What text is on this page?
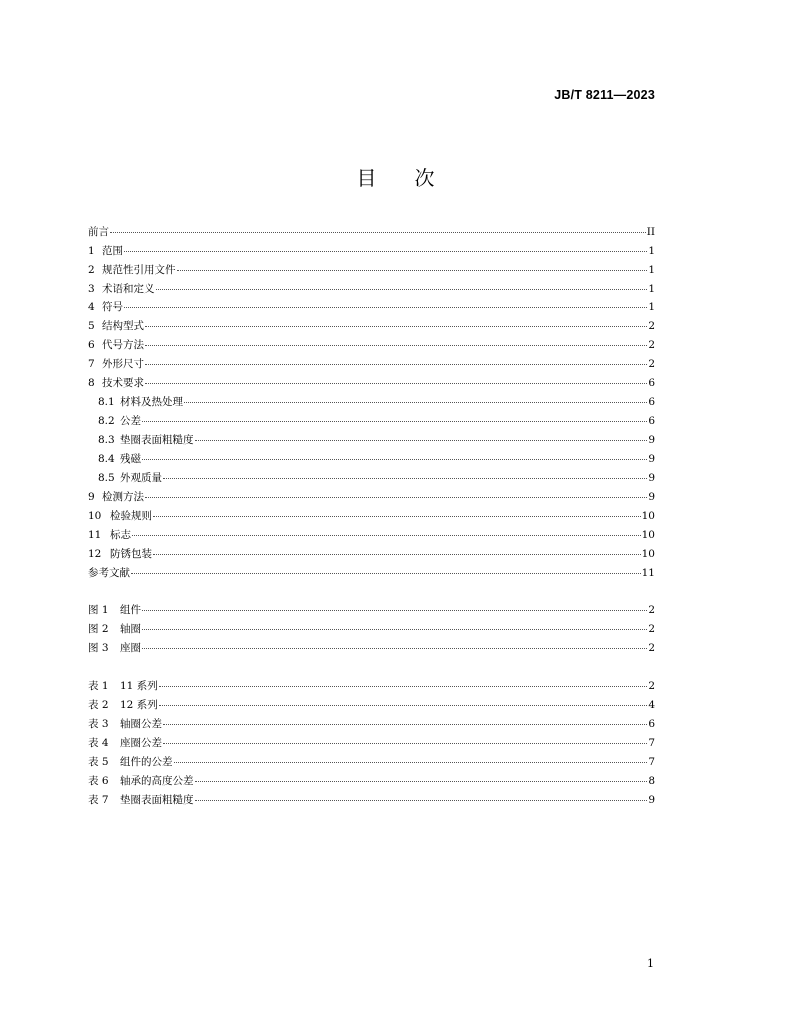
JB/T 8211—2023
目 次
前言	II
1 范围	1
2 规范性引用文件	1
3 术语和定义	1
4 符号	1
5 结构型式	2
6 代号方法	2
7 外形尺寸	2
8 技术要求	6
8.1 材料及热处理	6
8.2 公差	6
8.3 垫圈表面粗糙度	9
8.4 残磁	9
8.5 外观质量	9
9 检测方法	9
10 检验规则	10
11 标志	10
12 防锈包装	10
参考文献	11
图 1	组件	2
图 2	轴圈	2
图 3	座圈	2
表 1	11 系列	2
表 2	12 系列	4
表 3	轴圈公差	6
表 4	座圈公差	7
表 5	组件的公差	7
表 6	轴承的高度公差	8
表 7	垫圈表面粗糙度	9
1
